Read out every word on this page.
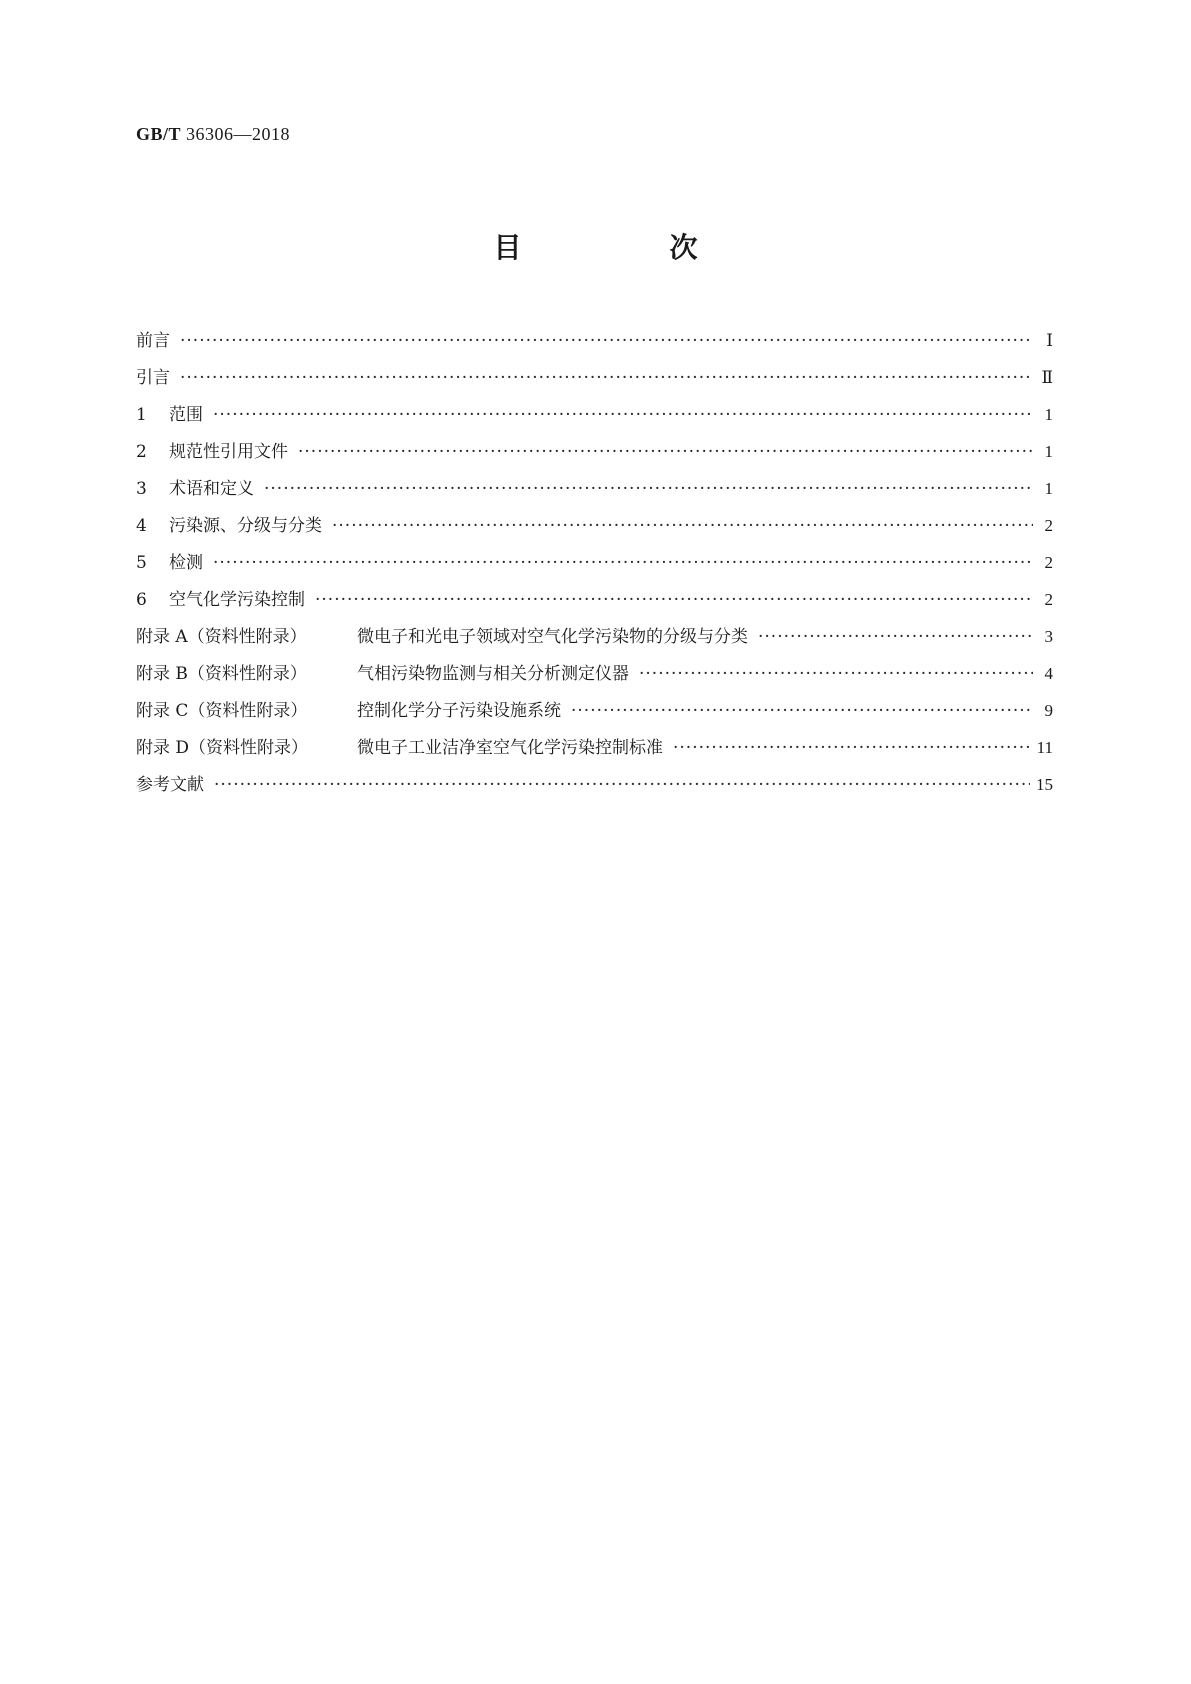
GB/T 36306—2018
目　次
前言 ·····	Ⅰ
引言 ·····	Ⅱ
1 范围 ·····	1
2 规范性引用文件 ·····	1
3 术语和定义 ·····	1
4 污染源、分级与分类 ·····	2
5 检测 ·····	2
6 空气化学污染控制 ·····	2
附录 A（资料性附录）	微电子和光电子领域对空气化学污染物的分级与分类 ·····	3
附录 B（资料性附录）	气相污染物监测与相关分析测定仪器 ·····	4
附录 C（资料性附录）	控制化学分子污染设施系统 ·····	9
附录 D（资料性附录）	微电子工业洁净室空气化学污染控制标准 ·····	11
参考文献 ·····	15
